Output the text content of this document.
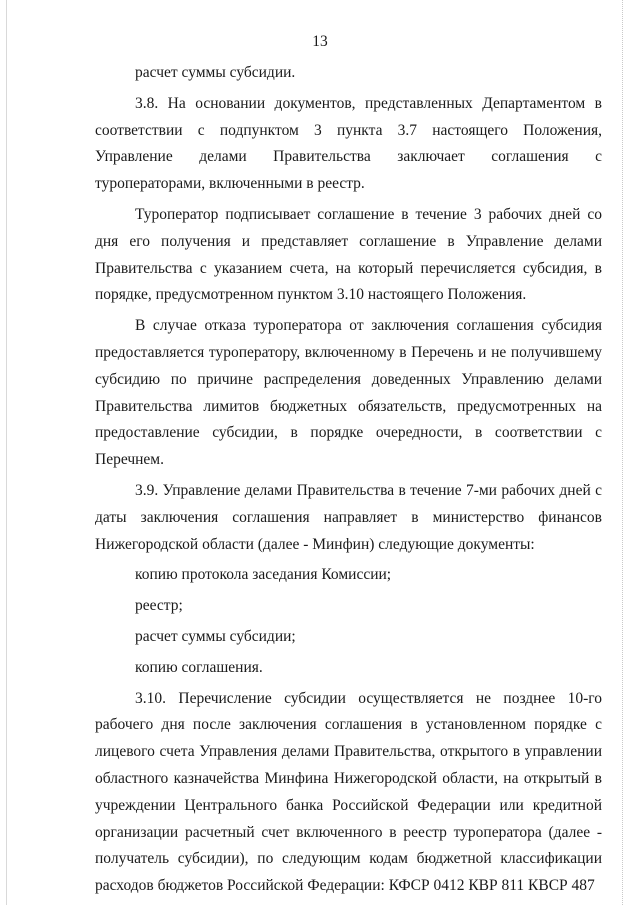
13

расчет суммы субсидии.

3.8. На основании документов, представленных Департаментом в соответствии с подпунктом 3 пункта 3.7 настоящего Положения, Управление делами Правительства заключает соглашения с туроператорами, включенными в реестр.

Туроператор подписывает соглашение в течение 3 рабочих дней со дня его получения и представляет соглашение в Управление делами Правительства с указанием счета, на который перечисляется субсидия, в порядке, предусмотренном пунктом 3.10 настоящего Положения.

В случае отказа туроператора от заключения соглашения субсидия предоставляется туроператору, включенному в Перечень и не получившему субсидию по причине распределения доведенных Управлению делами Правительства лимитов бюджетных обязательств, предусмотренных на предоставление субсидии, в порядке очередности, в соответствии с Перечнем.

3.9. Управление делами Правительства в течение 7-ми рабочих дней с даты заключения соглашения направляет в министерство финансов Нижегородской области (далее - Минфин) следующие документы:

копию протокола заседания Комиссии;

реестр;

расчет суммы субсидии;

копию соглашения.

3.10. Перечисление субсидии осуществляется не позднее 10-го рабочего дня после заключения соглашения в установленном порядке с лицевого счета Управления делами Правительства, открытого в управлении областного казначейства Минфина Нижегородской области, на открытый в учреждении Центрального банка Российской Федерации или кредитной организации расчетный счет включенного в реестр туроператора (далее - получатель субсидии), по следующим кодам бюджетной классификации расходов бюджетов Российской Федерации: КФСР 0412 КВР 811 КВСР 487
